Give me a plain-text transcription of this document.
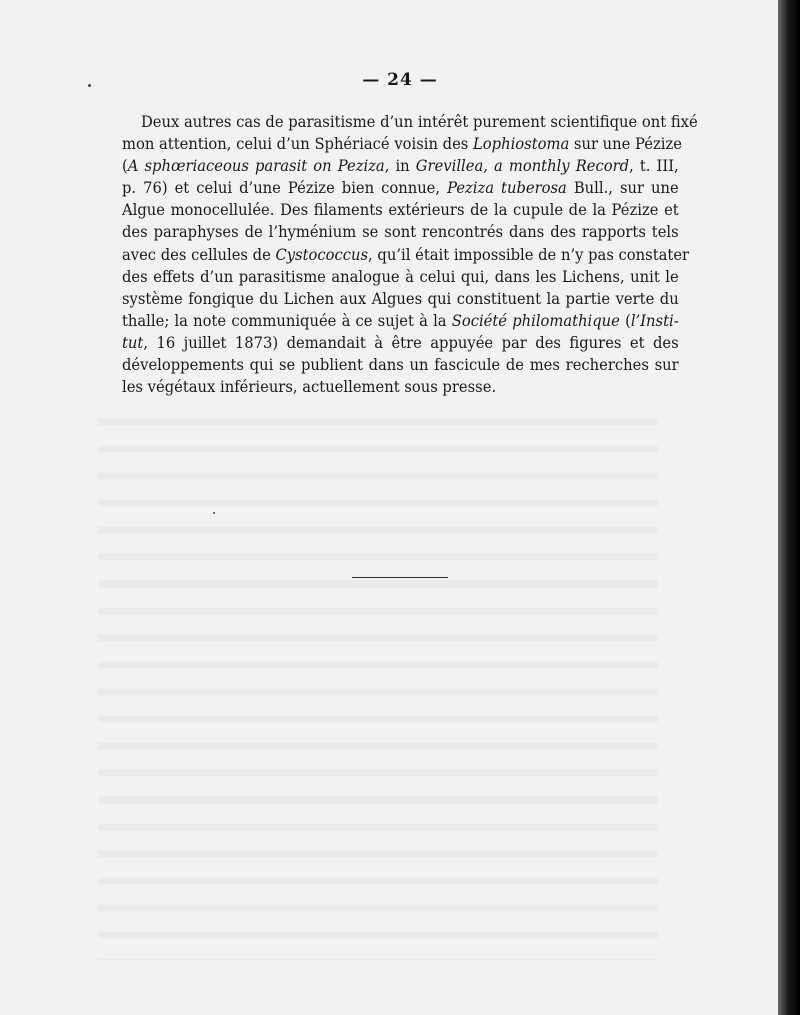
— 24 —
Deux autres cas de parasitisme d’un intérêt purement scientifique ont fixé
mon attention, celui d’un Sphériacé voisin des Lophiostoma sur une Pézize
(A sphœriaceous parasit on Peziza, in Grevillea, a monthly Record, t. III,
p. 76) et celui d’une Pézize bien connue, Peziza tuberosa Bull., sur une
Algue monocellulée. Des filaments extérieurs de la cupule de la Pézize et
des paraphyses de l’hyménium se sont rencontrés dans des rapports tels
avec des cellules de Cystococcus, qu’il était impossible de n’y pas constater
des effets d’un parasitisme analogue à celui qui, dans les Lichens, unit le
système fongique du Lichen aux Algues qui constituent la partie verte du
thalle; la note communiquée à ce sujet à la Société philomathique (l’Insti-
tut, 16 juillet 1873) demandait à être appuyée par des figures et des
développements qui se publient dans un fascicule de mes recherches sur
les végétaux inférieurs, actuellement sous presse.
